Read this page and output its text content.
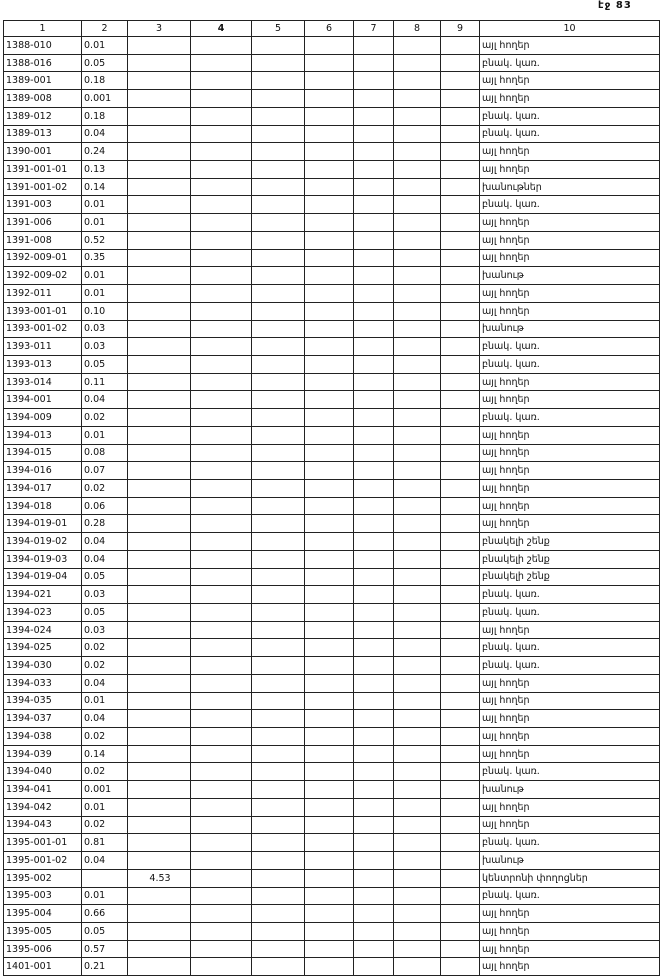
էջ 83
1	2	3	4	5	6	7	8	9	10
1388-010	0.01								այլ հողեր
1388-016	0.05								բնակ. կառ.
1389-001	0.18								այլ հողեր
1389-008	0.001								այլ հողեր
1389-012	0.18								բնակ. կառ.
1389-013	0.04								բնակ. կառ.
1390-001	0.24								այլ հողեր
1391-001-01	0.13								այլ հողեր
1391-001-02	0.14								խանութներ
1391-003	0.01								բնակ. կառ.
1391-006	0.01								այլ հողեր
1391-008	0.52								այլ հողեր
1392-009-01	0.35								այլ հողեր
1392-009-02	0.01								խանութ
1392-011	0.01								այլ հողեր
1393-001-01	0.10								այլ հողեր
1393-001-02	0.03								խանութ
1393-011	0.03								բնակ. կառ.
1393-013	0.05								բնակ. կառ.
1393-014	0.11								այլ հողեր
1394-001	0.04								այլ հողեր
1394-009	0.02								բնակ. կառ.
1394-013	0.01								այլ հողեր
1394-015	0.08								այլ հողեր
1394-016	0.07								այլ հողեր
1394-017	0.02								այլ հողեր
1394-018	0.06								այլ հողեր
1394-019-01	0.28								այլ հողեր
1394-019-02	0.04								բնակելի շենք
1394-019-03	0.04								բնակելի շենք
1394-019-04	0.05								բնակելի շենք
1394-021	0.03								բնակ. կառ.
1394-023	0.05								բնակ. կառ.
1394-024	0.03								այլ հողեր
1394-025	0.02								բնակ. կառ.
1394-030	0.02								բնակ. կառ.
1394-033	0.04								այլ հողեր
1394-035	0.01								այլ հողեր
1394-037	0.04								այլ հողեր
1394-038	0.02								այլ հողեր
1394-039	0.14								այլ հողեր
1394-040	0.02								բնակ. կառ.
1394-041	0.001								խանութ
1394-042	0.01								այլ հողեր
1394-043	0.02								այլ հողեր
1395-001-01	0.81								բնակ. կառ.
1395-001-02	0.04								խանութ
1395-002		4.53							կենտրոնի փողոցներ
1395-003	0.01								բնակ. կառ.
1395-004	0.66								այլ հողեր
1395-005	0.05								այլ հողեր
1395-006	0.57								այլ հողեր
1401-001	0.21								այլ հողեր
